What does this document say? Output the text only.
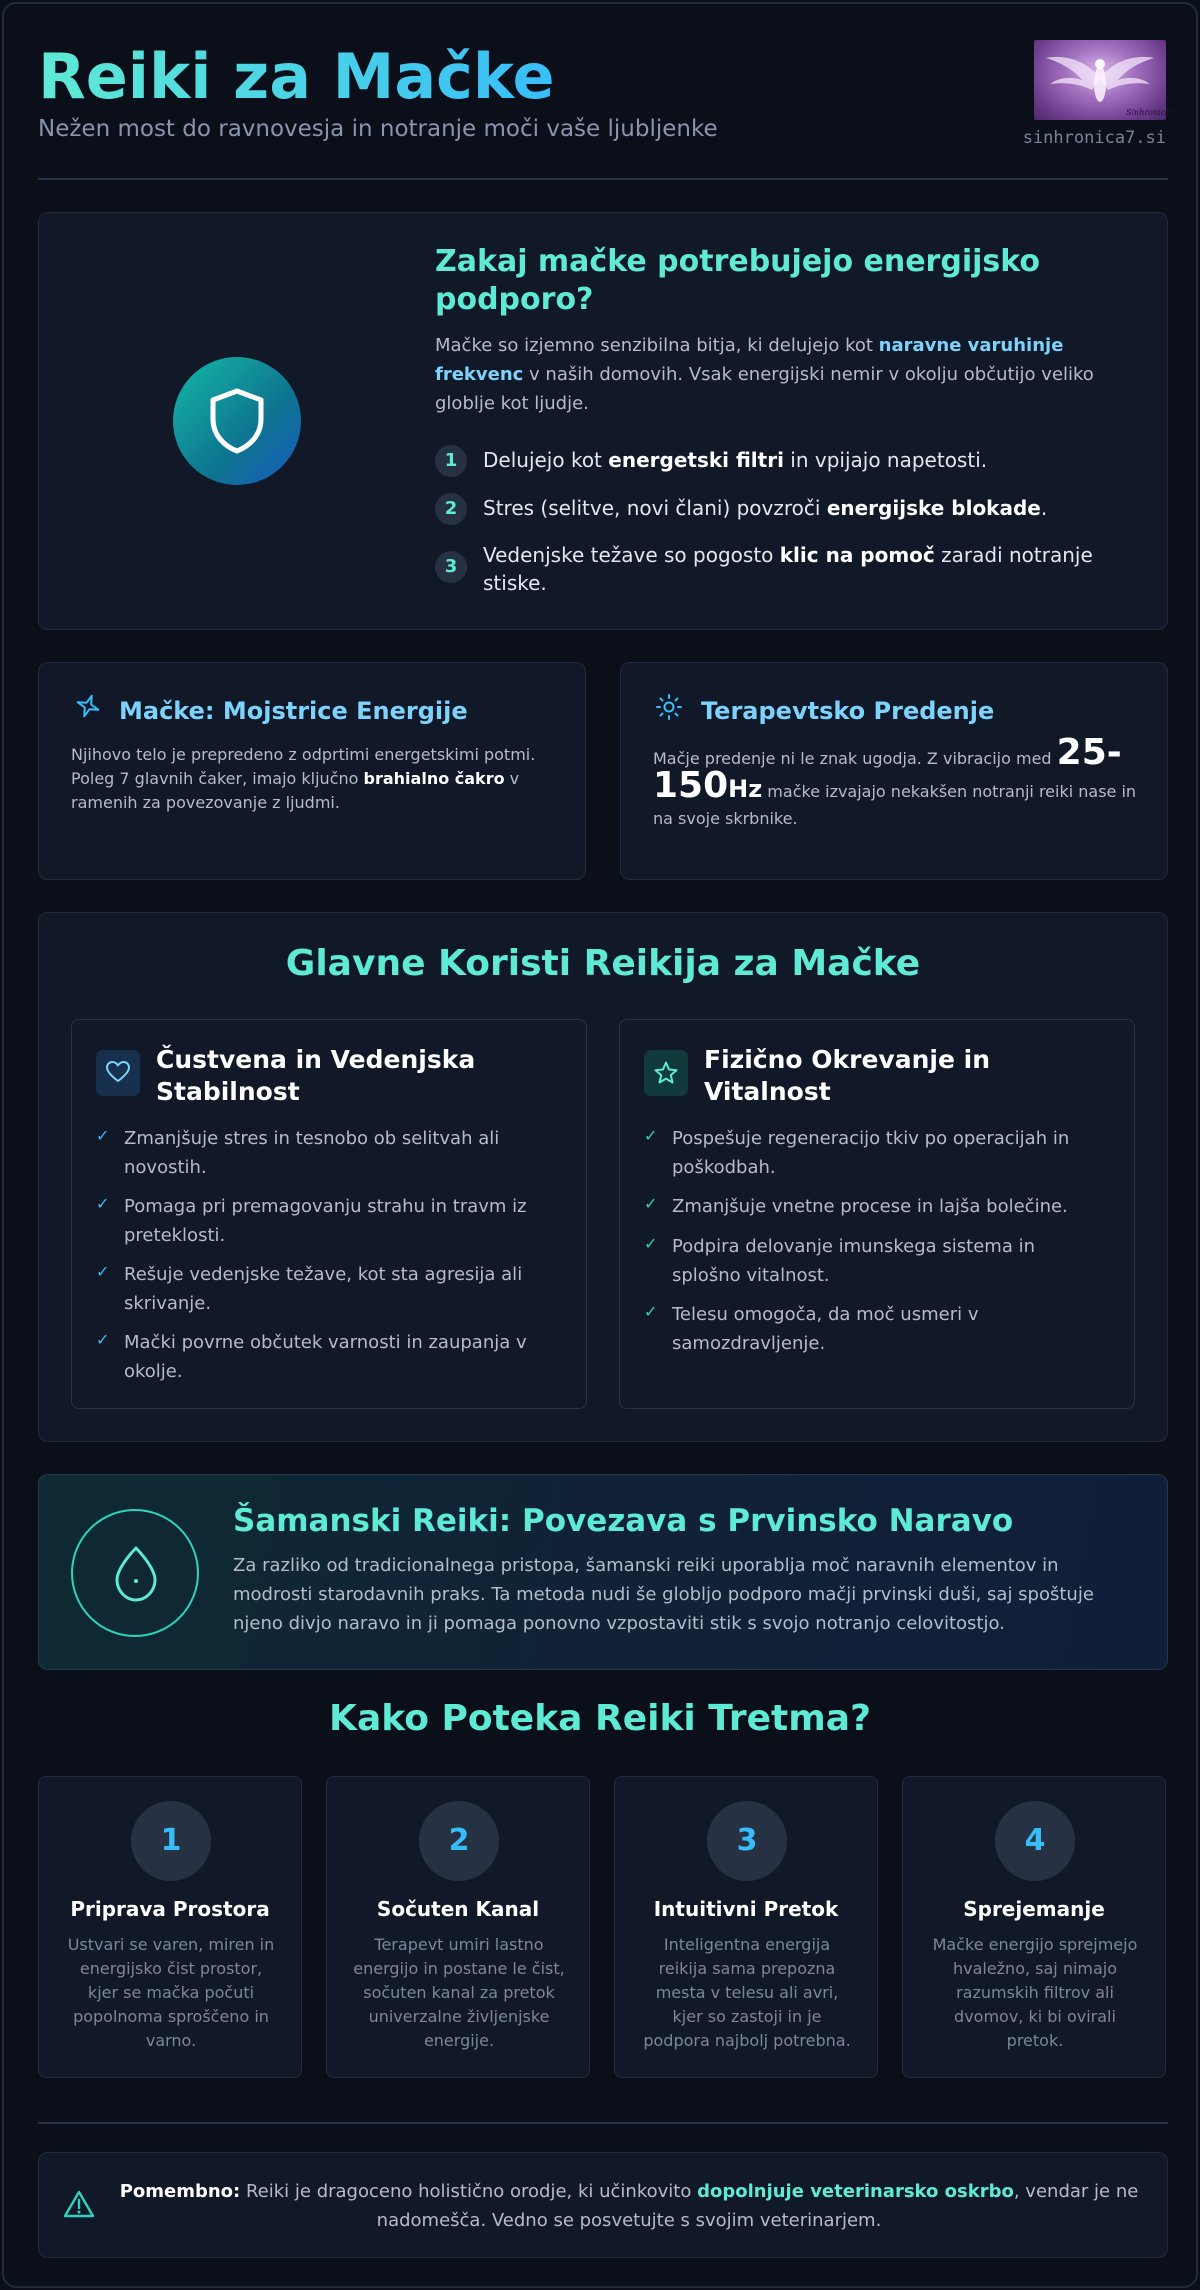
Reiki za Mačke
Nežen most do ravnovesja in notranje moči vaše ljubljenke
Sinhronica7
sinhronica7.si
Zakaj mačke potrebujejo energijsko podporo?
Mačke so izjemno senzibilna bitja, ki delujejo kot naravne varuhinje frekvenc v naših domovih. Vsak energijski nemir v okolju občutijo veliko globlje kot ljudje.
1	Delujejo kot energetski filtri in vpijajo napetosti.
2	Stres (selitve, novi člani) povzroči energijske blokade.
3	Vedenjske težave so pogosto klic na pomoč zaradi notranje stiske.
Mačke: Mojstrice Energije
Njihovo telo je prepredeno z odprtimi energetskimi potmi. Poleg 7 glavnih čaker, imajo ključno brahialno čakro v ramenih za povezovanje z ljudmi.
Terapevtsko Predenje
Mačje predenje ni le znak ugodja. Z vibracijo med 25-150Hz mačke izvajajo nekakšen notranji reiki nase in na svoje skrbnike.
Glavne Koristi Reikija za Mačke
Čustvena in Vedenjska Stabilnost
✓ Zmanjšuje stres in tesnobo ob selitvah ali novostih.
✓ Pomaga pri premagovanju strahu in travm iz preteklosti.
✓ Rešuje vedenjske težave, kot sta agresija ali skrivanje.
✓ Mački povrne občutek varnosti in zaupanja v okolje.
Fizično Okrevanje in Vitalnost
✓ Pospešuje regeneracijo tkiv po operacijah in poškodbah.
✓ Zmanjšuje vnetne procese in lajša bolečine.
✓ Podpira delovanje imunskega sistema in splošno vitalnost.
✓ Telesu omogoča, da moč usmeri v samozdravljenje.
Šamanski Reiki: Povezava s Prvinsko Naravo
Za razliko od tradicionalnega pristopa, šamanski reiki uporablja moč naravnih elementov in modrosti starodavnih praks. Ta metoda nudi še globljo podporo mačji prvinski duši, saj spoštuje njeno divjo naravo in ji pomaga ponovno vzpostaviti stik s svojo notranjo celovitostjo.
Kako Poteka Reiki Tretma?
1
Priprava Prostora
Ustvari se varen, miren in energijsko čist prostor, kjer se mačka počuti popolnoma sproščeno in varno.
2
Sočuten Kanal
Terapevt umiri lastno energijo in postane le čist, sočuten kanal za pretok univerzalne življenjske energije.
3
Intuitivni Pretok
Inteligentna energija reikija sama prepozna mesta v telesu ali avri, kjer so zastoji in je podpora najbolj potrebna.
4
Sprejemanje
Mačke energijo sprejmejo hvaležno, saj nimajo razumskih filtrov ali dvomov, ki bi ovirali pretok.
Pomembno: Reiki je dragoceno holistično orodje, ki učinkovito dopolnjuje veterinarsko oskrbo, vendar je ne nadomešča. Vedno se posvetujte s svojim veterinarjem.
